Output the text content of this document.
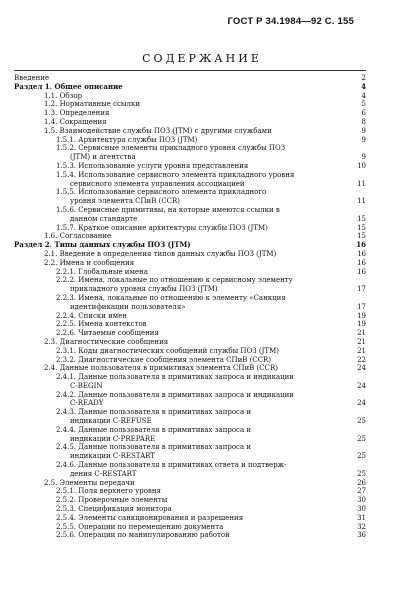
ГОСТ Р 34.1984—92 С. 155
СОДЕРЖАНИЕ
Введение	2
Раздел 1. Общее описание	4
1.1. Обзор	4
1.2. Нормативные ссылки	5
1.3. Определения	6
1.4. Сокращения	8
1.5. Взаимодействие службы ПОЗ (JTM) с другими службами	9
1.5.1. Архитектура службы ПОЗ (JTM)	9
1.5.2. Сервисные элементы прикладного уровня службы ПОЗ
(JTM) и агентства	9
1.5.3. Использование услуги уровня представления	10
1.5.4. Использование сервисного элемента прикладного уровня
сервисного элемента управления ассоциацией	11
1.5.5. Использование сервисного элемента прикладного
уровня элемента СПиВ (CCR)	11
1.5.6. Сервисные примитивы, на которые имеются ссылки в
данном стандарте	15
1.5.7. Краткое описание архитектуры службы ПОЗ (JTM)	15
1.6. Согласование	15
Раздел 2. Типы данных службы ПОЗ (JTM)	16
2.1. Введение в определения типов данных службы ПОЗ (JTM)	16
2.2. Имена и сообщения	16
2.2.1. Глобальные имена	16
2.2.2. Имена, локальные по отношению к сервисному элементу
прикладного уровня службы ПОЗ (JTM)	17
2.2.3. Имена, локальные по отношению к элементу «Санкция
идентификации пользователя»	17
2.2.4. Списки имен	19
2.2.5. Имена контекстов	19
2.2.6. Читаемые сообщения	21
2.3. Диагностические сообщения	21
2.3.1. Коды диагностических сообщений службы ПОЗ (JTM)	21
2.3.2. Диагностические сообщения элемента СПиВ (CCR)	22
2.4. Данные пользователя в примитивах элемента СПиВ (CCR)	24
2.4.1. Данные пользователя в примитивах запроса и индикации
C-BEGIN	24
2.4.2. Данные пользователя в примитивах запроса и индикации
C-READY	24
2.4.3. Данные пользователя в примитивах запроса и
индикации C-REFUSE	25
2.4.4. Данные пользователя в примитивах запроса и
индикации C-PREPARE	25
2.4.5. Данные пользователя в примитивах запроса и
индикации C-RESTART	25
2.4.6. Данные пользователя в примитивах ответа и подтверж-
дения C-RESTART	25
2.5. Элементы передачи	26
2.5.1. Поля верхнего уровня	27
2.5.2. Проверочные элементы	30
2.5.3. Спецификация монитора	30
2.5.4. Элементы санкционирования и разрешения	31
2.5.5. Операции по перемещению документа	32
2.5.6. Операции по манипулированию работой	36
